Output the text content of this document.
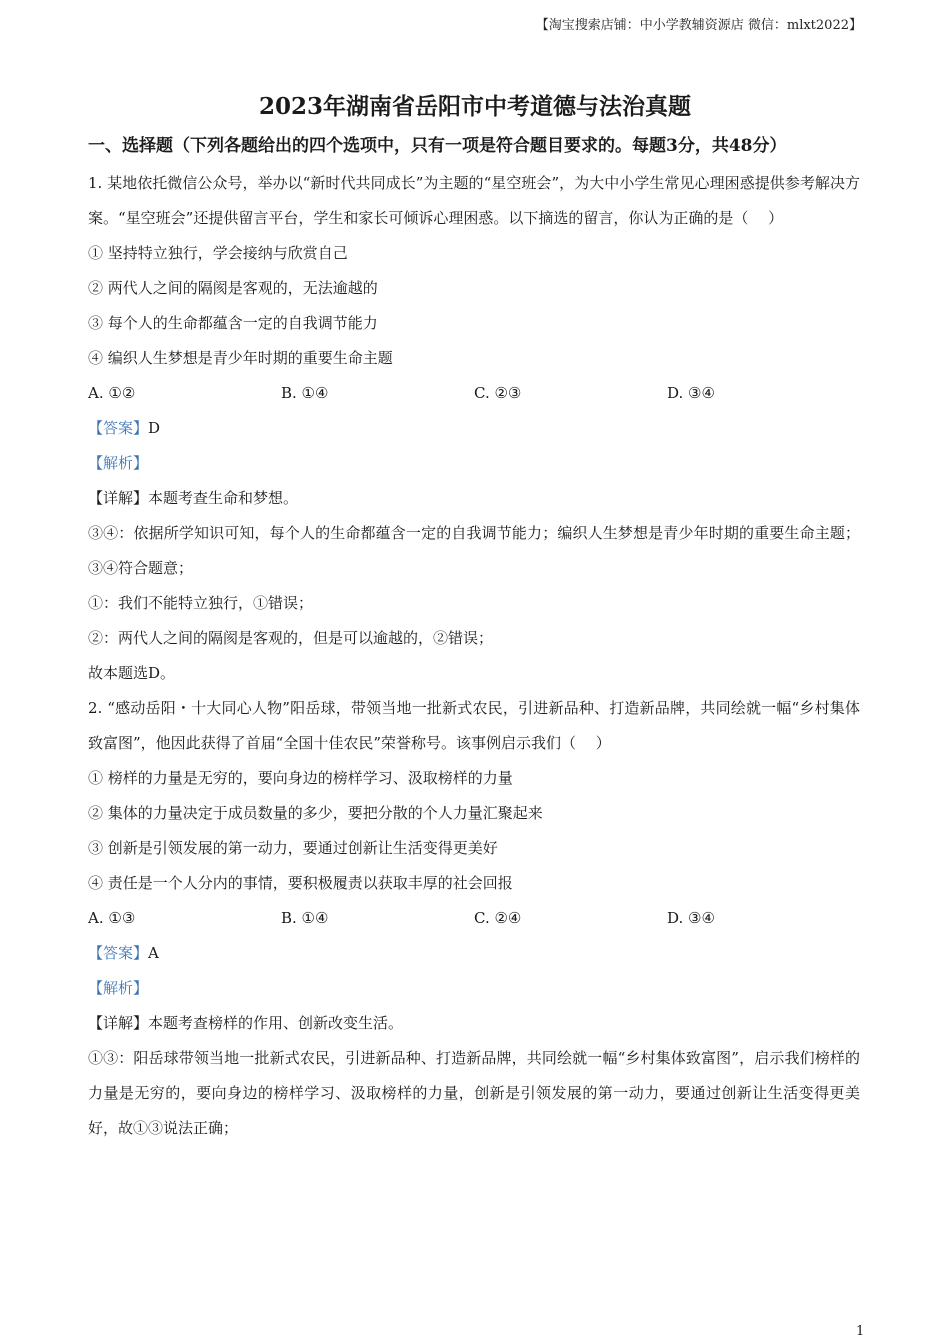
【淘宝搜索店铺：中小学教辅资源店 微信：mlxt2022】
2023年湖南省岳阳市中考道德与法治真题
一、选择题（下列各题给出的四个选项中，只有一项是符合题目要求的。每题3分，共48分）
1. 某地依托微信公众号，举办以“新时代共同成长”为主题的“星空班会”，为大中小学生常见心理困惑提供参考解决方案。“星空班会”还提供留言平台，学生和家长可倾诉心理困惑。以下摘选的留言，你认为正确的是（　 ）
① 坚持特立独行，学会接纳与欣赏自己
② 两代人之间的隔阂是客观的，无法逾越的
③ 每个人的生命都蕴含一定的自我调节能力
④ 编织人生梦想是青少年时期的重要生命主题
A. ①②	B. ①④	C. ②③	D. ③④
【答案】D
【解析】
【详解】本题考查生命和梦想。
③④：依据所学知识可知，每个人的生命都蕴含一定的自我调节能力；编织人生梦想是青少年时期的重要生命主题；③④符合题意；
①：我们不能特立独行，①错误；
②：两代人之间的隔阂是客观的，但是可以逾越的，②错误；
故本题选D。
2. “感动岳阳・十大同心人物”阳岳球，带领当地一批新式农民，引进新品种、打造新品牌，共同绘就一幅“乡村集体致富图”，他因此获得了首届“全国十佳农民”荣誉称号。该事例启示我们（　 ）
① 榜样的力量是无穷的，要向身边的榜样学习、汲取榜样的力量
② 集体的力量决定于成员数量的多少，要把分散的个人力量汇聚起来
③ 创新是引领发展的第一动力，要通过创新让生活变得更美好
④ 责任是一个人分内的事情，要积极履责以获取丰厚的社会回报
A. ①③	B. ①④	C. ②④	D. ③④
【答案】A
【解析】
【详解】本题考查榜样的作用、创新改变生活。
①③：阳岳球带领当地一批新式农民，引进新品种、打造新品牌，共同绘就一幅“乡村集体致富图”，启示我们榜样的力量是无穷的，要向身边的榜样学习、汲取榜样的力量，创新是引领发展的第一动力，要通过创新让生活变得更美好，故①③说法正确；
1
